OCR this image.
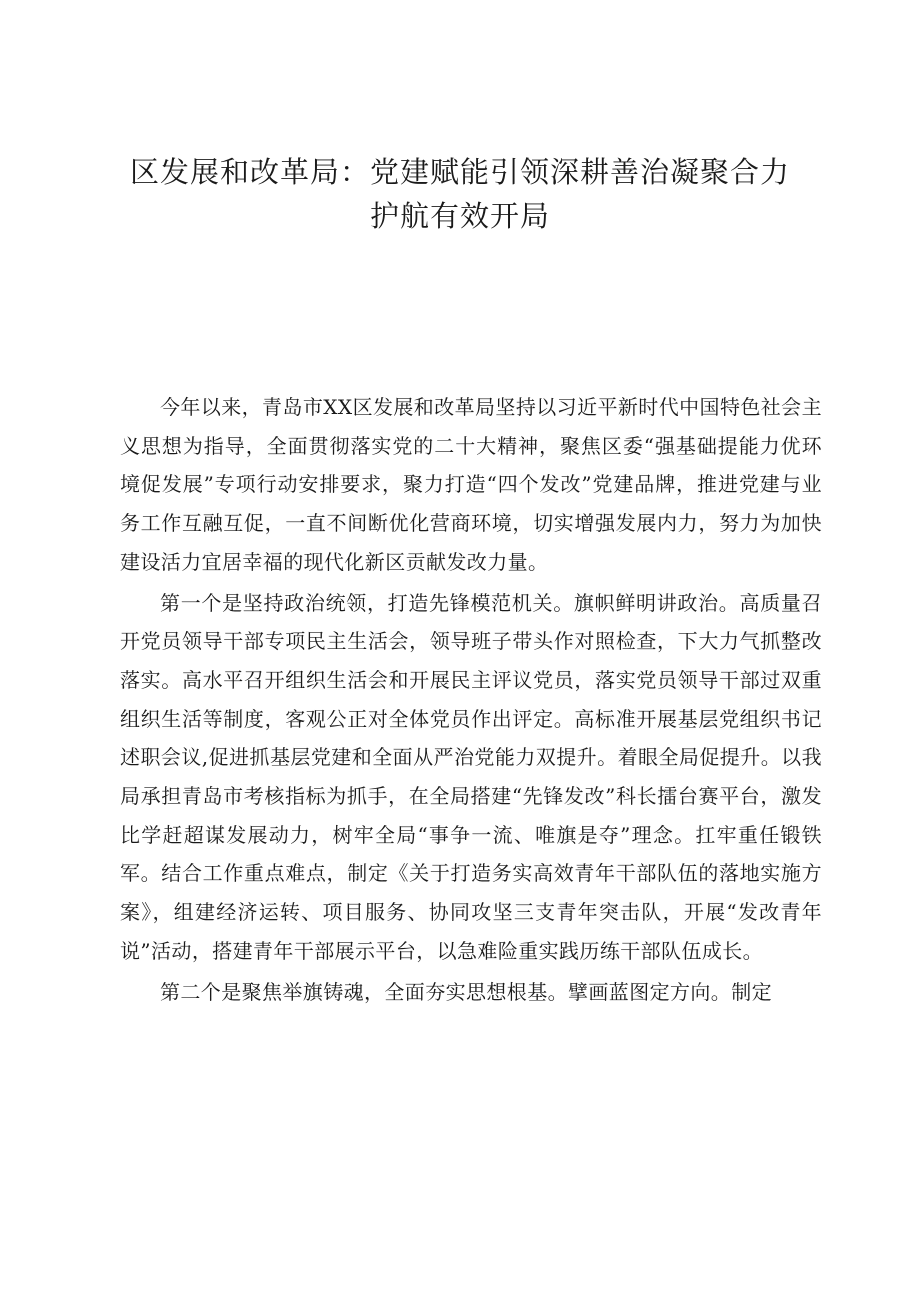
区发展和改革局：党建赋能引领深耕善治凝聚合力
护航有效开局

今年以来，青岛市XX区发展和改革局坚持以习近平新时代中国特色社会主义思想为指导，全面贯彻落实党的二十大精神，聚焦区委“强基础提能力优环境促发展”专项行动安排要求，聚力打造“四个发改”党建品牌，推进党建与业务工作互融互促，一直不间断优化营商环境，切实增强发展内力，努力为加快建设活力宜居幸福的现代化新区贡献发改力量。

第一个是坚持政治统领，打造先锋模范机关。旗帜鲜明讲政治。高质量召开党员领导干部专项民主生活会，领导班子带头作对照检查，下大力气抓整改落实。高水平召开组织生活会和开展民主评议党员，落实党员领导干部过双重组织生活等制度，客观公正对全体党员作出评定。高标准开展基层党组织书记述职会议,促进抓基层党建和全面从严治党能力双提升。着眼全局促提升。以我局承担青岛市考核指标为抓手，在全局搭建“先锋发改”科长擂台赛平台，激发比学赶超谋发展动力，树牢全局“事争一流、唯旗是夺”理念。扛牢重任锻铁军。结合工作重点难点，制定《关于打造务实高效青年干部队伍的落地实施方案》，组建经济运转、项目服务、协同攻坚三支青年突击队，开展“发改青年说”活动，搭建青年干部展示平台，以急难险重实践历练干部队伍成长。

第二个是聚焦举旗铸魂，全面夯实思想根基。擘画蓝图定方向。制定
